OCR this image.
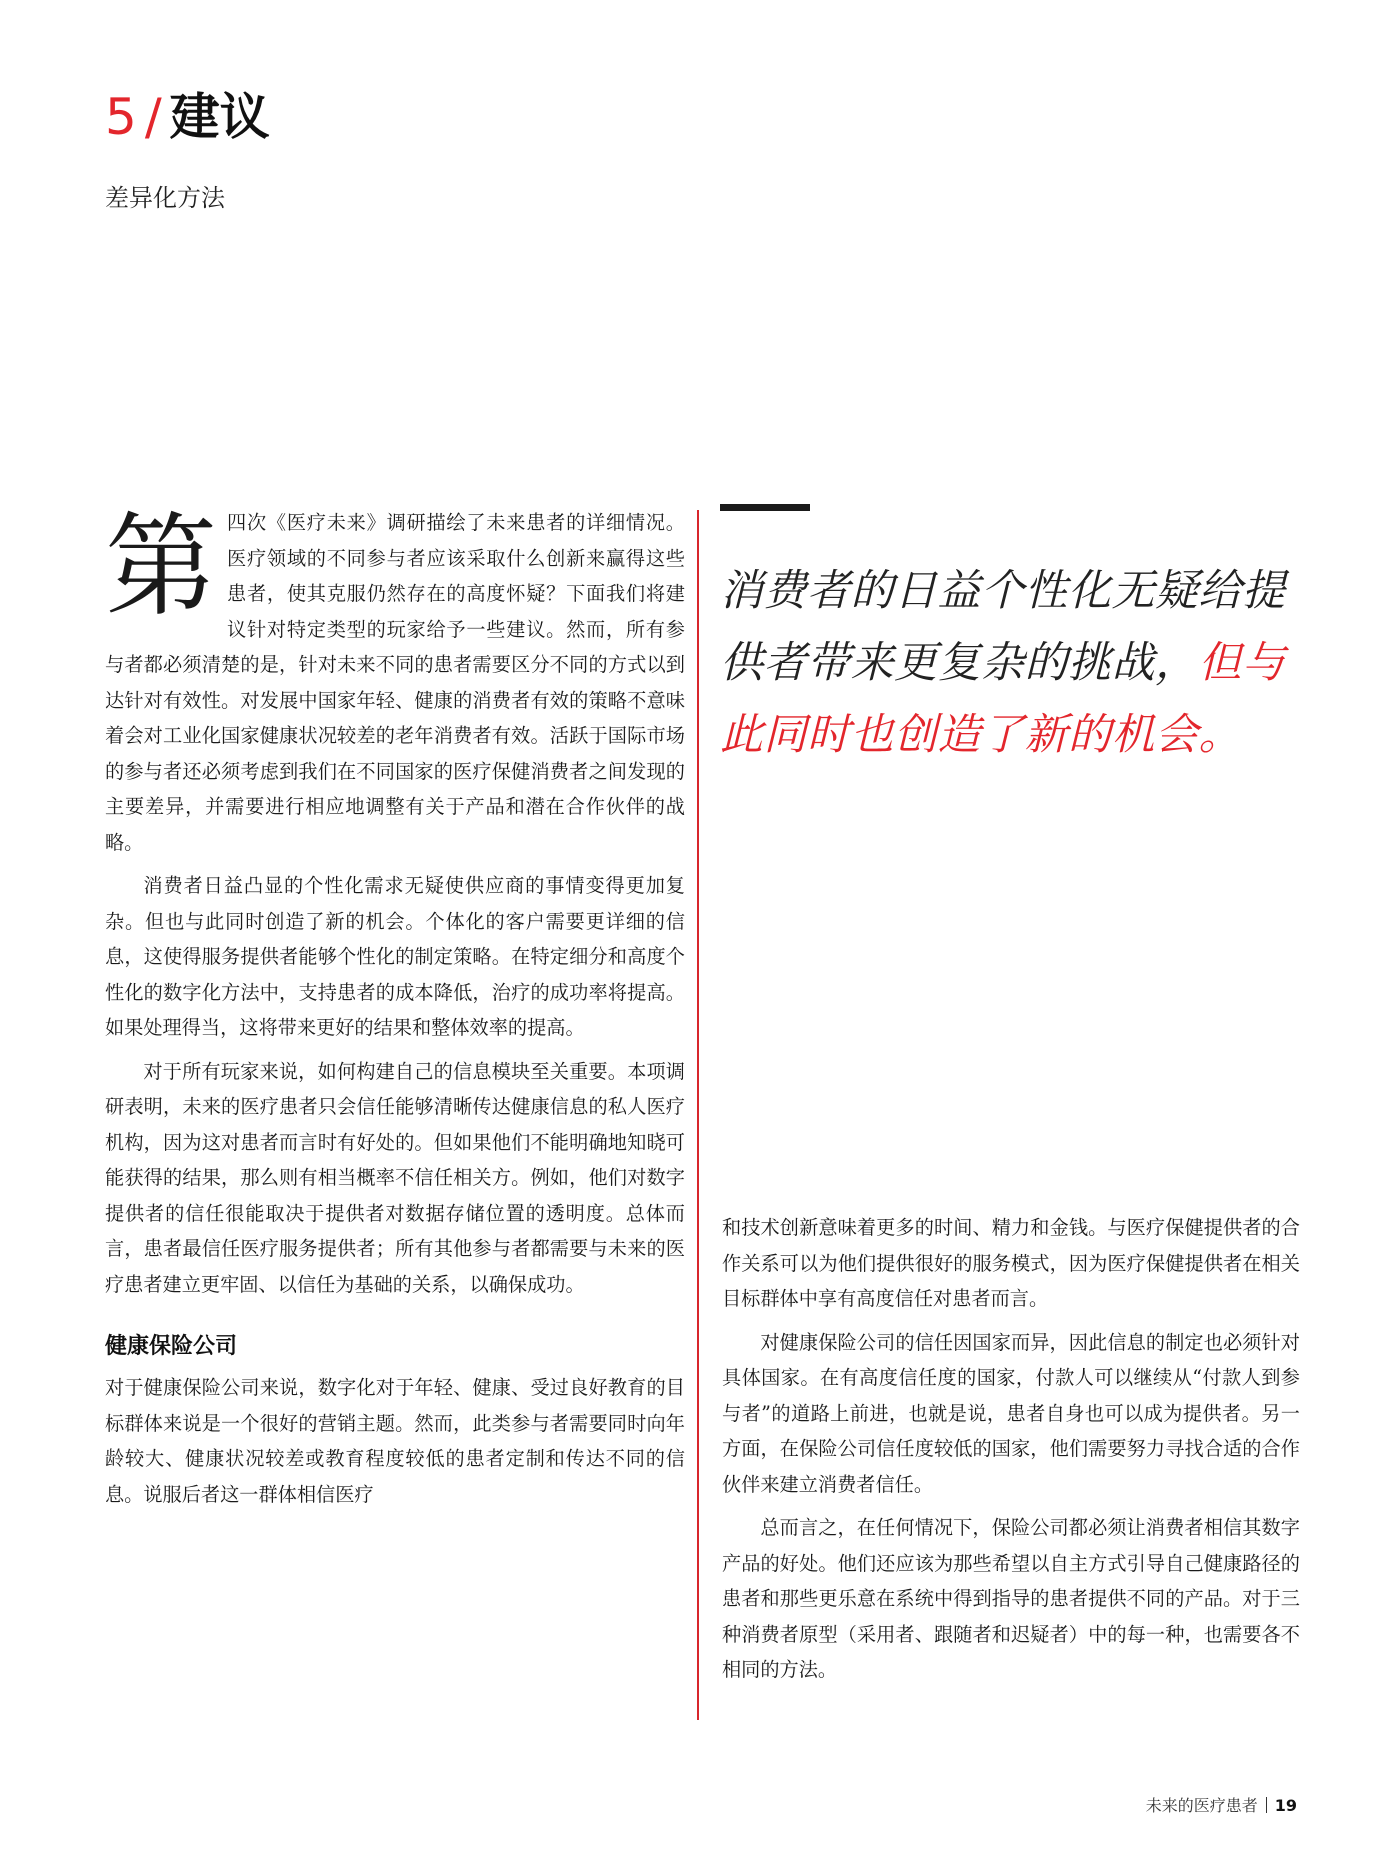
5 / 建议
差异化方法

第四次《医疗未来》调研描绘了未来患者的详细情况。医疗领域的不同参与者应该采取什么创新来赢得这些患者，使其克服仍然存在的高度怀疑？下面我们将建议针对特定类型的玩家给予一些建议。然而，所有参与者都必须清楚的是，针对未来不同的患者需要区分不同的方式以到达针对有效性。对发展中国家年轻、健康的消费者有效的策略不意味着会对工业化国家健康状况较差的老年消费者有效。活跃于国际市场的参与者还必须考虑到我们在不同国家的医疗保健消费者之间发现的主要差异，并需要进行相应地调整有关于产品和潜在合作伙伴的战略。

消费者日益凸显的个性化需求无疑使供应商的事情变得更加复杂。但也与此同时创造了新的机会。个体化的客户需要更详细的信息，这使得服务提供者能够个性化的制定策略。在特定细分和高度个性化的数字化方法中，支持患者的成本降低，治疗的成功率将提高。如果处理得当，这将带来更好的结果和整体效率的提高。

对于所有玩家来说，如何构建自己的信息模块至关重要。本项调研表明，未来的医疗患者只会信任能够清晰传达健康信息的私人医疗机构，因为这对患者而言时有好处的。但如果他们不能明确地知晓可能获得的结果，那么则有相当概率不信任相关方。例如，他们对数字提供者的信任很能取决于提供者对数据存储位置的透明度。总体而言，患者最信任医疗服务提供者；所有其他参与者都需要与未来的医疗患者建立更牢固、以信任为基础的关系，以确保成功。

健康保险公司

对于健康保险公司来说，数字化对于年轻、健康、受过良好教育的目标群体来说是一个很好的营销主题。然而，此类参与者需要同时向年龄较大、健康状况较差或教育程度较低的患者定制和传达不同的信息。说服后者这一群体相信医疗

消费者的日益个性化无疑给提供者带来更复杂的挑战，但与此同时也创造了新的机会。

和技术创新意味着更多的时间、精力和金钱。与医疗保健提供者的合作关系可以为他们提供很好的服务模式，因为医疗保健提供者在相关目标群体中享有高度信任对患者而言。

对健康保险公司的信任因国家而异，因此信息的制定也必须针对具体国家。在有高度信任度的国家，付款人可以继续从“付款人到参与者”的道路上前进，也就是说，患者自身也可以成为提供者。另一方面，在保险公司信任度较低的国家，他们需要努力寻找合适的合作伙伴来建立消费者信任。

总而言之，在任何情况下，保险公司都必须让消费者相信其数字产品的好处。他们还应该为那些希望以自主方式引导自己健康路径的患者和那些更乐意在系统中得到指导的患者提供不同的产品。对于三种消费者原型（采用者、跟随者和迟疑者）中的每一种，也需要各不相同的方法。

未来的医疗患者 19
